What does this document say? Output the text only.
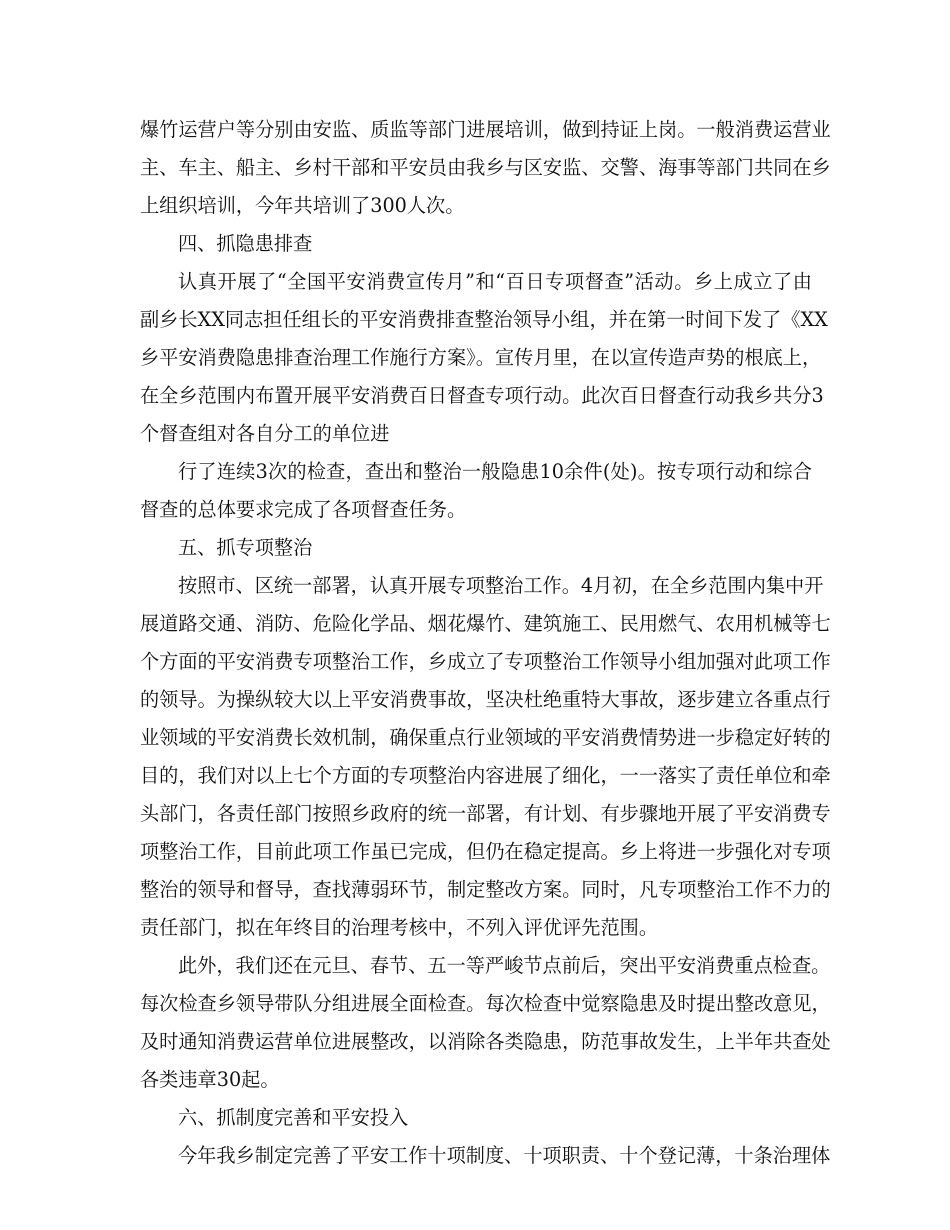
爆竹运营户等分别由安监、质监等部门进展培训，做到持证上岗。一般消费运营业
主、车主、船主、乡村干部和平安员由我乡与区安监、交警、海事等部门共同在乡
上组织培训，今年共培训了300人次。
四、抓隐患排查
认真开展了“全国平安消费宣传月”和“百日专项督查”活动。乡上成立了由
副乡长XX同志担任组长的平安消费排查整治领导小组，并在第一时间下发了《XX
乡平安消费隐患排查治理工作施行方案》。宣传月里，在以宣传造声势的根底上，
在全乡范围内布置开展平安消费百日督查专项行动。此次百日督查行动我乡共分3
个督查组对各自分工的单位进
行了连续3次的检查，查出和整治一般隐患10余件(处)。按专项行动和综合
督查的总体要求完成了各项督查任务。
五、抓专项整治
按照市、区统一部署，认真开展专项整治工作。4月初，在全乡范围内集中开
展道路交通、消防、危险化学品、烟花爆竹、建筑施工、民用燃气、农用机械等七
个方面的平安消费专项整治工作，乡成立了专项整治工作领导小组加强对此项工作
的领导。为操纵较大以上平安消费事故，坚决杜绝重特大事故，逐步建立各重点行
业领域的平安消费长效机制，确保重点行业领域的平安消费情势进一步稳定好转的
目的，我们对以上七个方面的专项整治内容进展了细化，一一落实了责任单位和牵
头部门，各责任部门按照乡政府的统一部署，有计划、有步骤地开展了平安消费专
项整治工作，目前此项工作虽已完成，但仍在稳定提高。乡上将进一步强化对专项
整治的领导和督导，查找薄弱环节，制定整改方案。同时，凡专项整治工作不力的
责任部门，拟在年终目的治理考核中，不列入评优评先范围。
此外，我们还在元旦、春节、五一等严峻节点前后，突出平安消费重点检查。
每次检查乡领导带队分组进展全面检查。每次检查中觉察隐患及时提出整改意见，
及时通知消费运营单位进展整改，以消除各类隐患，防范事故发生，上半年共查处
各类违章30起。
六、抓制度完善和平安投入
今年我乡制定完善了平安工作十项制度、十项职责、十个登记薄，十条治理体
